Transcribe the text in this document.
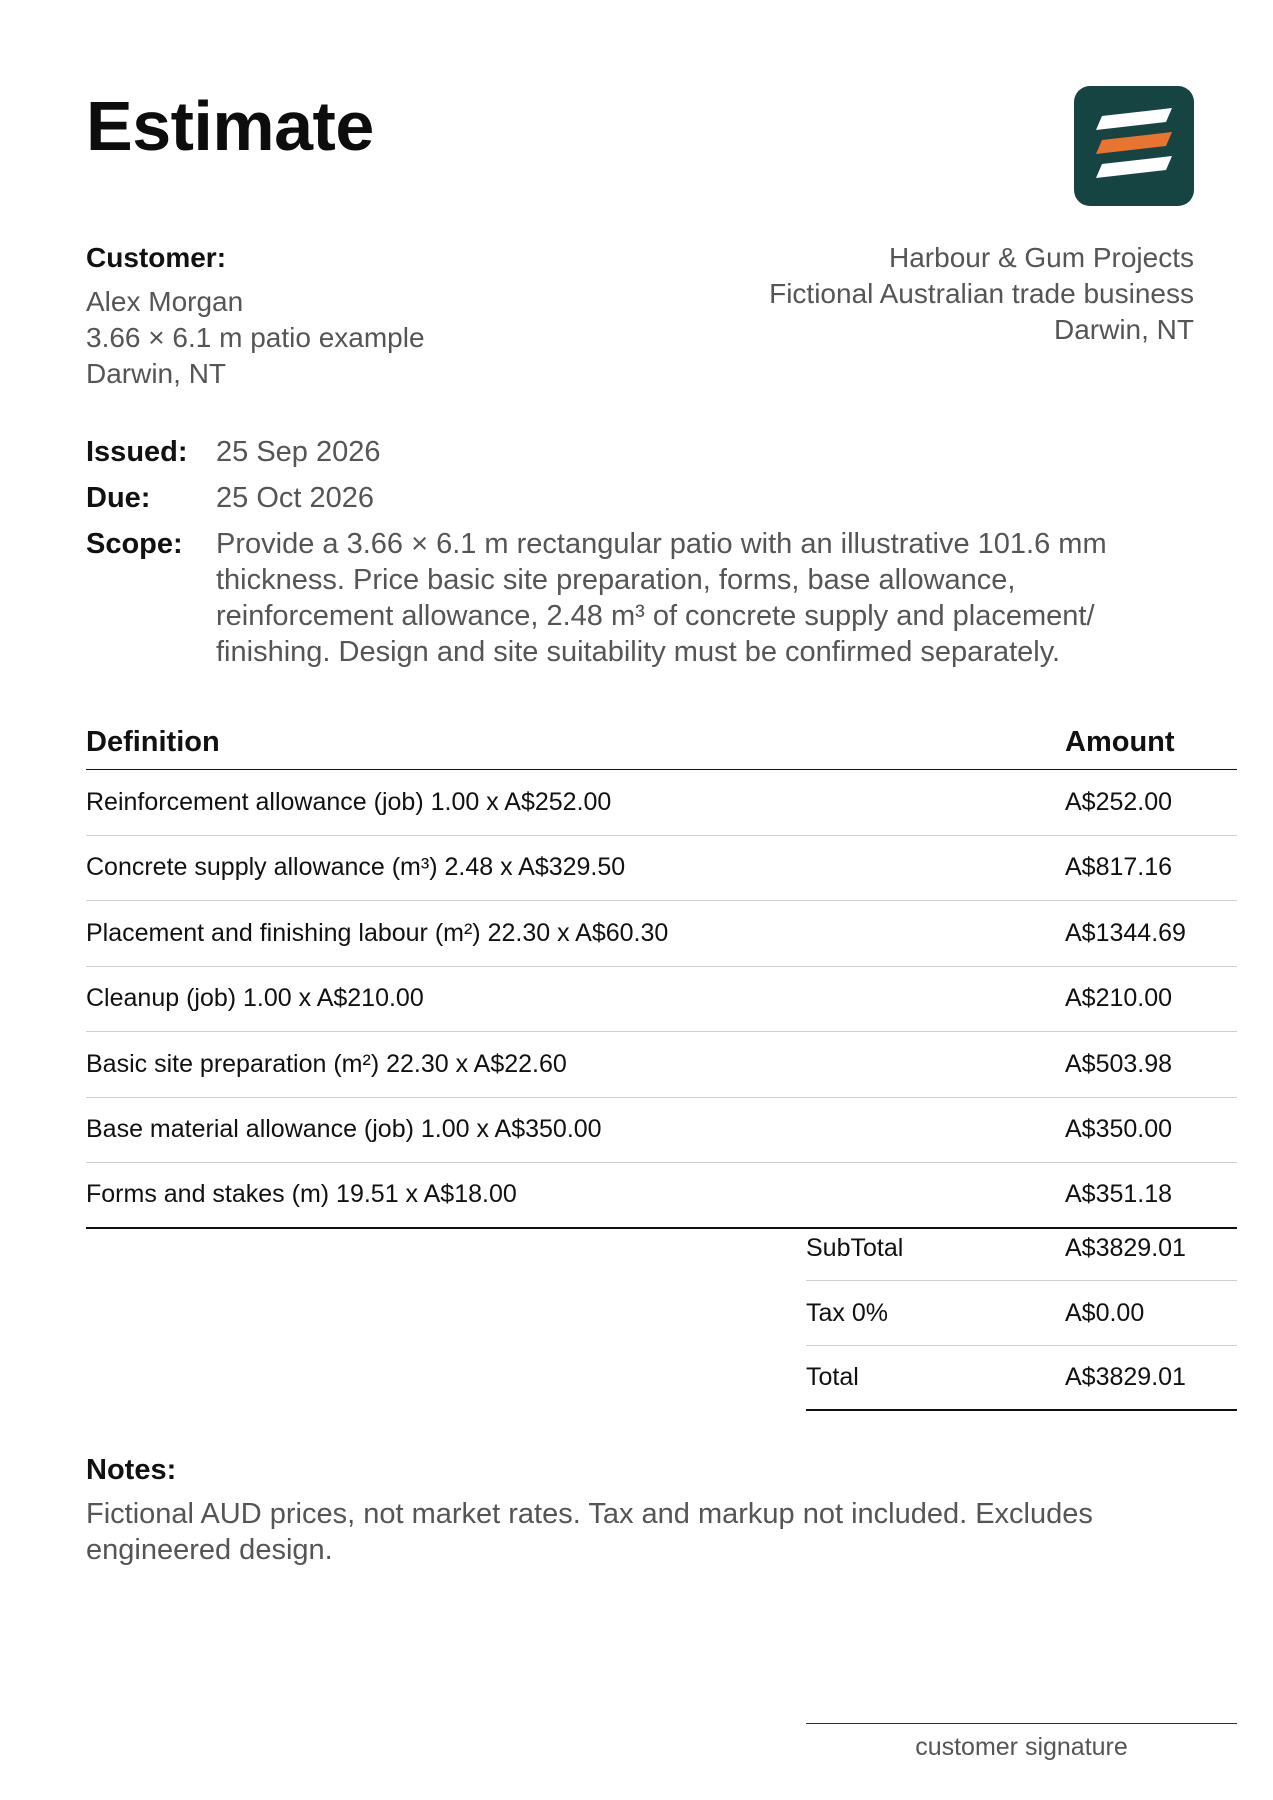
Estimate
Customer:
Alex Morgan
3.66 × 6.1 m patio example
Darwin, NT
Harbour & Gum Projects
Fictional Australian trade business
Darwin, NT
Issued: 25 Sep 2026
Due:	25 Oct 2026
Scope:	Provide a 3.66 × 6.1 m rectangular patio with an illustrative 101.6 mm thickness. Price basic site preparation, forms, base allowance, reinforcement allowance, 2.48 m³ of concrete supply and placement/ finishing. Design and site suitability must be confirmed separately.
Definition	Amount
Reinforcement allowance (job) 1.00 x A$252.00	A$252.00
Concrete supply allowance (m³) 2.48 x A$329.50	A$817.16
Placement and finishing labour (m²) 22.30 x A$60.30	A$1344.69
Cleanup (job) 1.00 x A$210.00	A$210.00
Basic site preparation (m²) 22.30 x A$22.60	A$503.98
Base material allowance (job) 1.00 x A$350.00	A$350.00
Forms and stakes (m) 19.51 x A$18.00	A$351.18
SubTotal	A$3829.01
Tax 0%	A$0.00
Total	A$3829.01
Notes:
Fictional AUD prices, not market rates. Tax and markup not included. Excludes engineered design.
customer signature
